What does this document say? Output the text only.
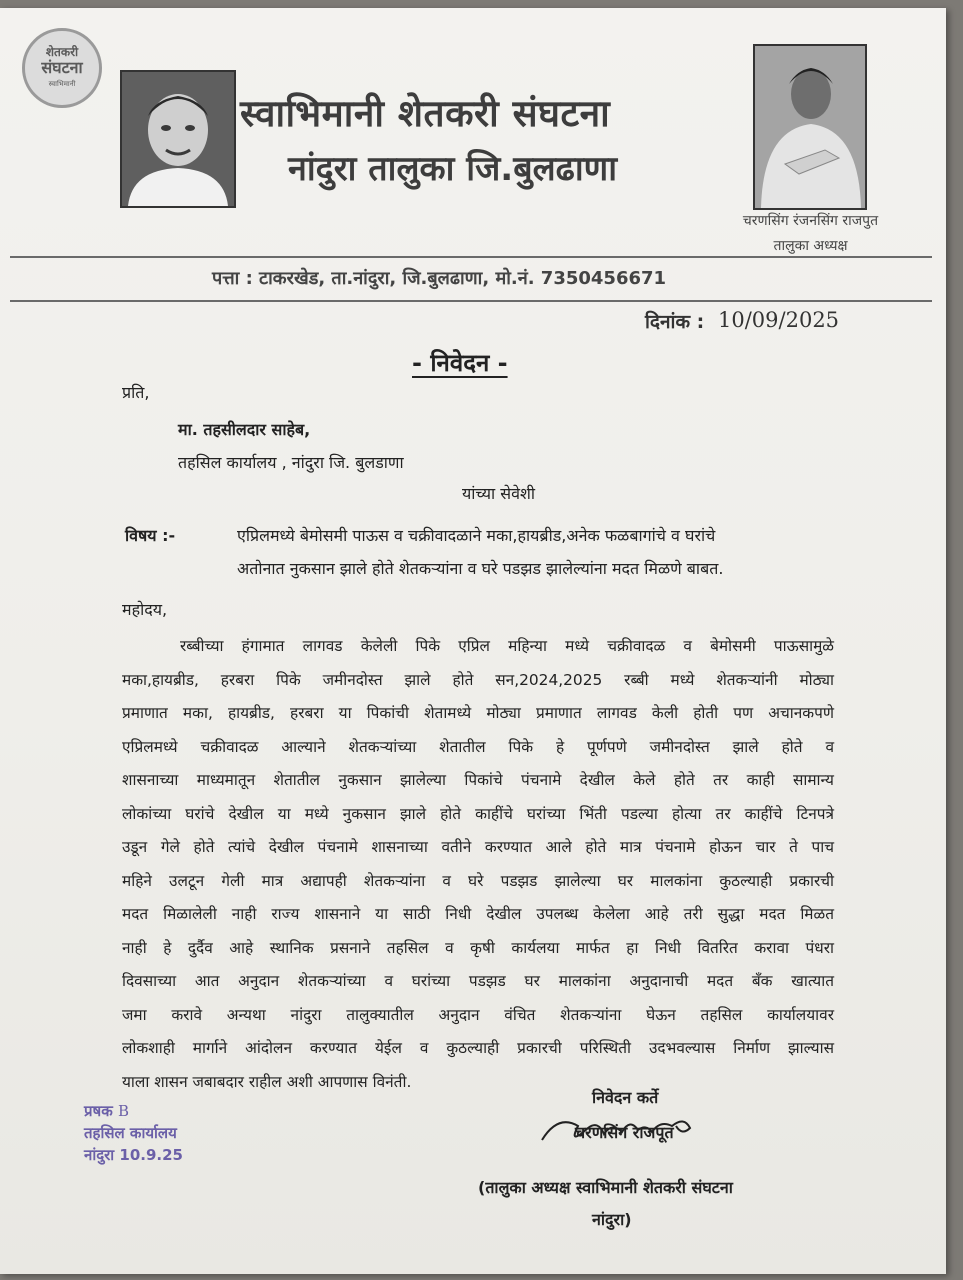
शेतकरी
संघटना
स्वाभिमानी
स्वाभिमानी शेतकरी संघटना
नांदुरा तालुका जि.बुलढाणा
चरणसिंग रंजनसिंग राजपुत
तालुका अध्यक्ष
पत्ता : टाकरखेड, ता.नांदुरा, जि.बुलढाणा, मो.नं. 7350456671
दिनांक : 10/09/2025
- निवेदन -
प्रति,
मा. तहसीलदार साहेब,
तहसिल कार्यालय , नांदुरा जि. बुलडाणा
यांच्या सेवेशी
विषय :-	एप्रिलमध्ये बेमोसमी पाऊस व चक्रीवादळाने मका,हायब्रीड,अनेक फळबागांचे व घरांचे
अतोनात नुकसान झाले होते शेतकऱ्यांना व घरे पडझड झालेल्यांना मदत मिळणे बाबत.
महोदय,
रब्बीच्या हंगामात लागवड केलेली पिके एप्रिल महिन्या मध्ये चक्रीवादळ व बेमोसमी पाऊसामुळे
मका,हायब्रीड, हरबरा पिके जमीनदोस्त झाले होते सन,2024,2025 रब्बी मध्ये शेतकऱ्यांनी मोठ्या
प्रमाणात मका, हायब्रीड, हरबरा या पिकांची शेतामध्ये मोठ्या प्रमाणात लागवड केली होती पण अचानकपणे
एप्रिलमध्ये चक्रीवादळ आल्याने शेतकऱ्यांच्या शेतातील पिके हे पूर्णपणे जमीनदोस्त झाले होते व
शासनाच्या माध्यमातून शेतातील नुकसान झालेल्या पिकांचे पंचनामे देखील केले होते तर काही सामान्य
लोकांच्या घरांचे देखील या मध्ये नुकसान झाले होते काहींचे घरांच्या भिंती पडल्या होत्या तर काहींचे टिनपत्रे
उडून गेले होते त्यांचे देखील पंचनामे शासनाच्या वतीने करण्यात आले होते मात्र पंचनामे होऊन चार ते पाच
महिने उलटून गेली मात्र अद्यापही शेतकऱ्यांना व घरे पडझड झालेल्या घर मालकांना कुठल्याही प्रकारची
मदत मिळालेली नाही राज्य शासनाने या साठी निधी देखील उपलब्ध केलेला आहे तरी सुद्धा मदत मिळत
नाही हे दुर्दैव आहे स्थानिक प्रसनाने तहसिल व कृषी कार्यलया मार्फत हा निधी वितरित करावा पंधरा
दिवसाच्या आत अनुदान शेतकऱ्यांच्या व घरांच्या पडझड घर मालकांना अनुदानाची मदत बँक खात्यात
जमा करावे अन्यथा नांदुरा तालुक्यातील अनुदान वंचित शेतकऱ्यांना घेऊन तहसिल कार्यालयावर
लोकशाही मार्गाने आंदोलन करण्यात येईल व कुठल्याही प्रकारची परिस्थिती उदभवल्यास निर्माण झाल्यास
याला शासन जबाबदार राहील अशी आपणास विनंती.
प्रषक B
तहसिल कार्यालय
नांदुरा 10.9.25
निवेदन कर्ते
चरणसिंग राजपूत
(तालुका अध्यक्ष स्वाभिमानी शेतकरी संघटना
नांदुरा)
